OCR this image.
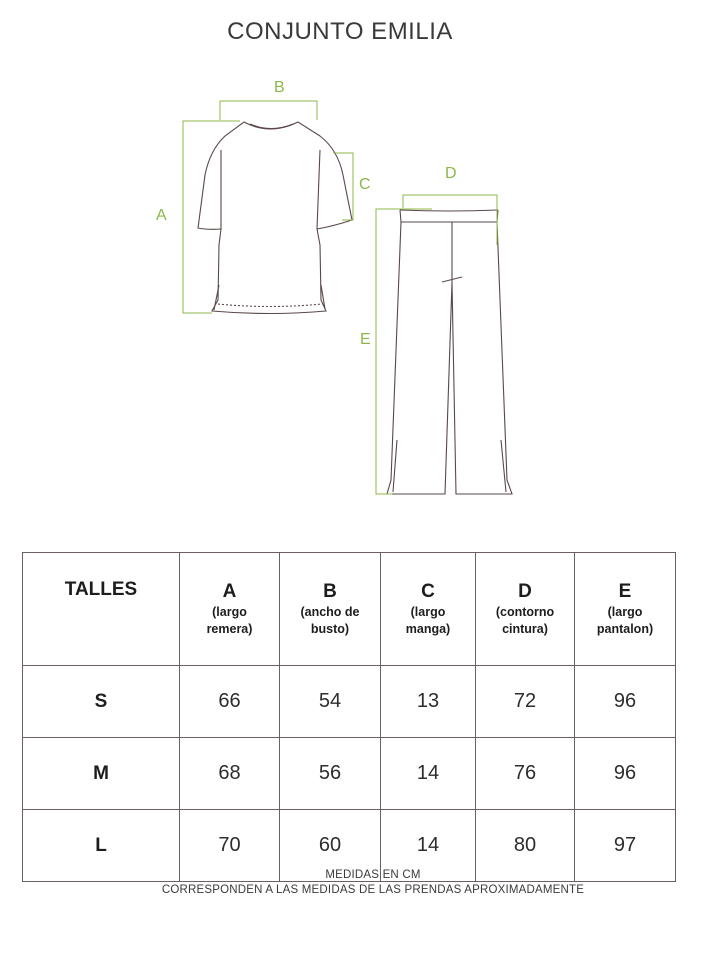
CONJUNTO EMILIA
B
A
C
D
E
TALLES	A
(largo
remera)	B
(ancho de
busto)	C
(largo
manga)	D
(contorno
cintura)	E
(largo
pantalon)

S	66	54	13	72	96
M	68	56	14	76	96
L	70	60	14	80	97
MEDIDAS EN CM
CORRESPONDEN A LAS MEDIDAS DE LAS PRENDAS APROXIMADAMENTE
